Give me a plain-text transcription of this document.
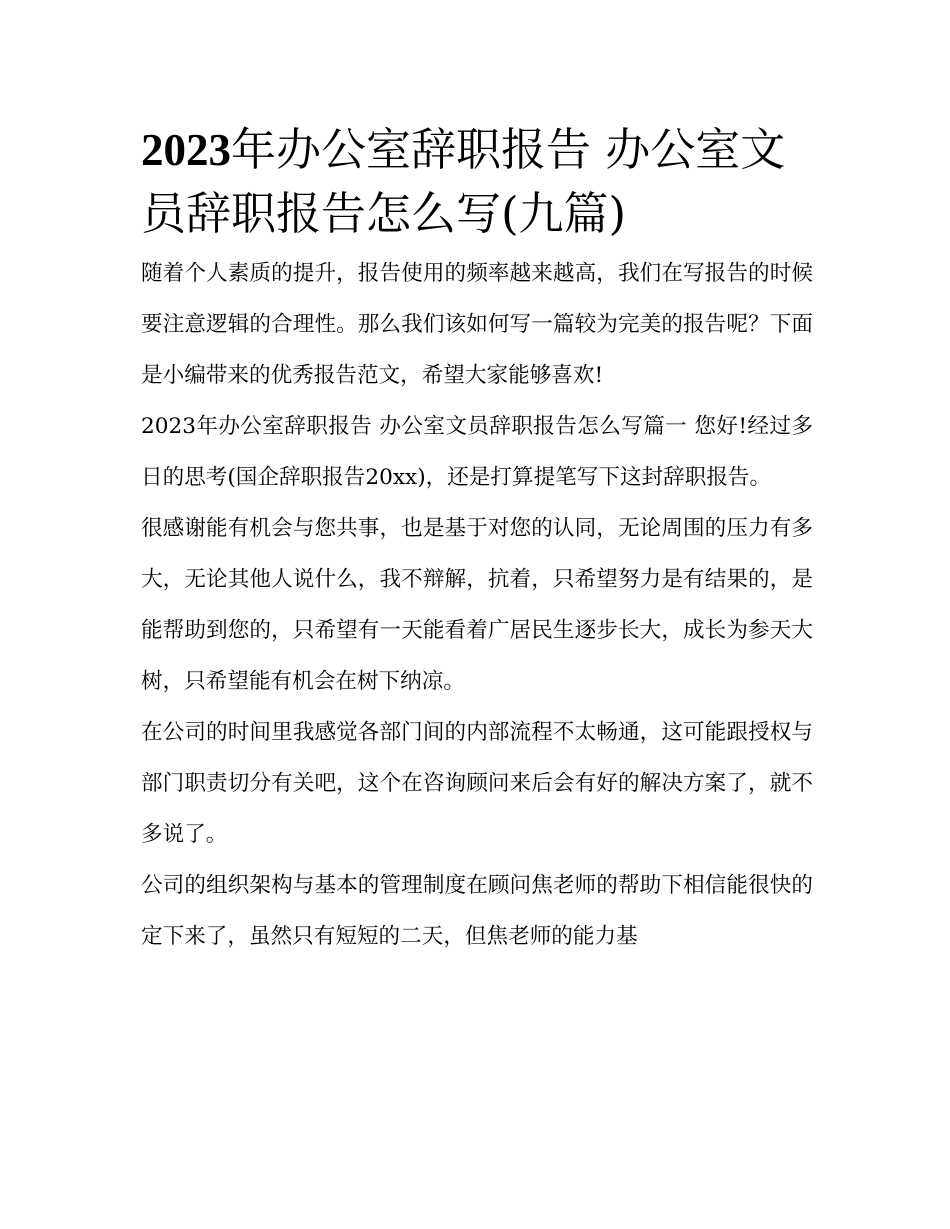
2023年办公室辞职报告 办公室文员辞职报告怎么写(九篇)

随着个人素质的提升，报告使用的频率越来越高，我们在写报告的时候要注意逻辑的合理性。那么我们该如何写一篇较为完美的报告呢？下面是小编带来的优秀报告范文，希望大家能够喜欢!

2023年办公室辞职报告 办公室文员辞职报告怎么写篇一 您好!经过多日的思考(国企辞职报告20xx)，还是打算提笔写下这封辞职报告。

很感谢能有机会与您共事，也是基于对您的认同，无论周围的压力有多大，无论其他人说什么，我不辩解，抗着，只希望努力是有结果的，是能帮助到您的，只希望有一天能看着广居民生逐步长大，成长为参天大树，只希望能有机会在树下纳凉。

在公司的时间里我感觉各部门间的内部流程不太畅通，这可能跟授权与部门职责切分有关吧，这个在咨询顾问来后会有好的解决方案了，就不多说了。

公司的组织架构与基本的管理制度在顾问焦老师的帮助下相信能很快的定下来了，虽然只有短短的二天，但焦老师的能力基
